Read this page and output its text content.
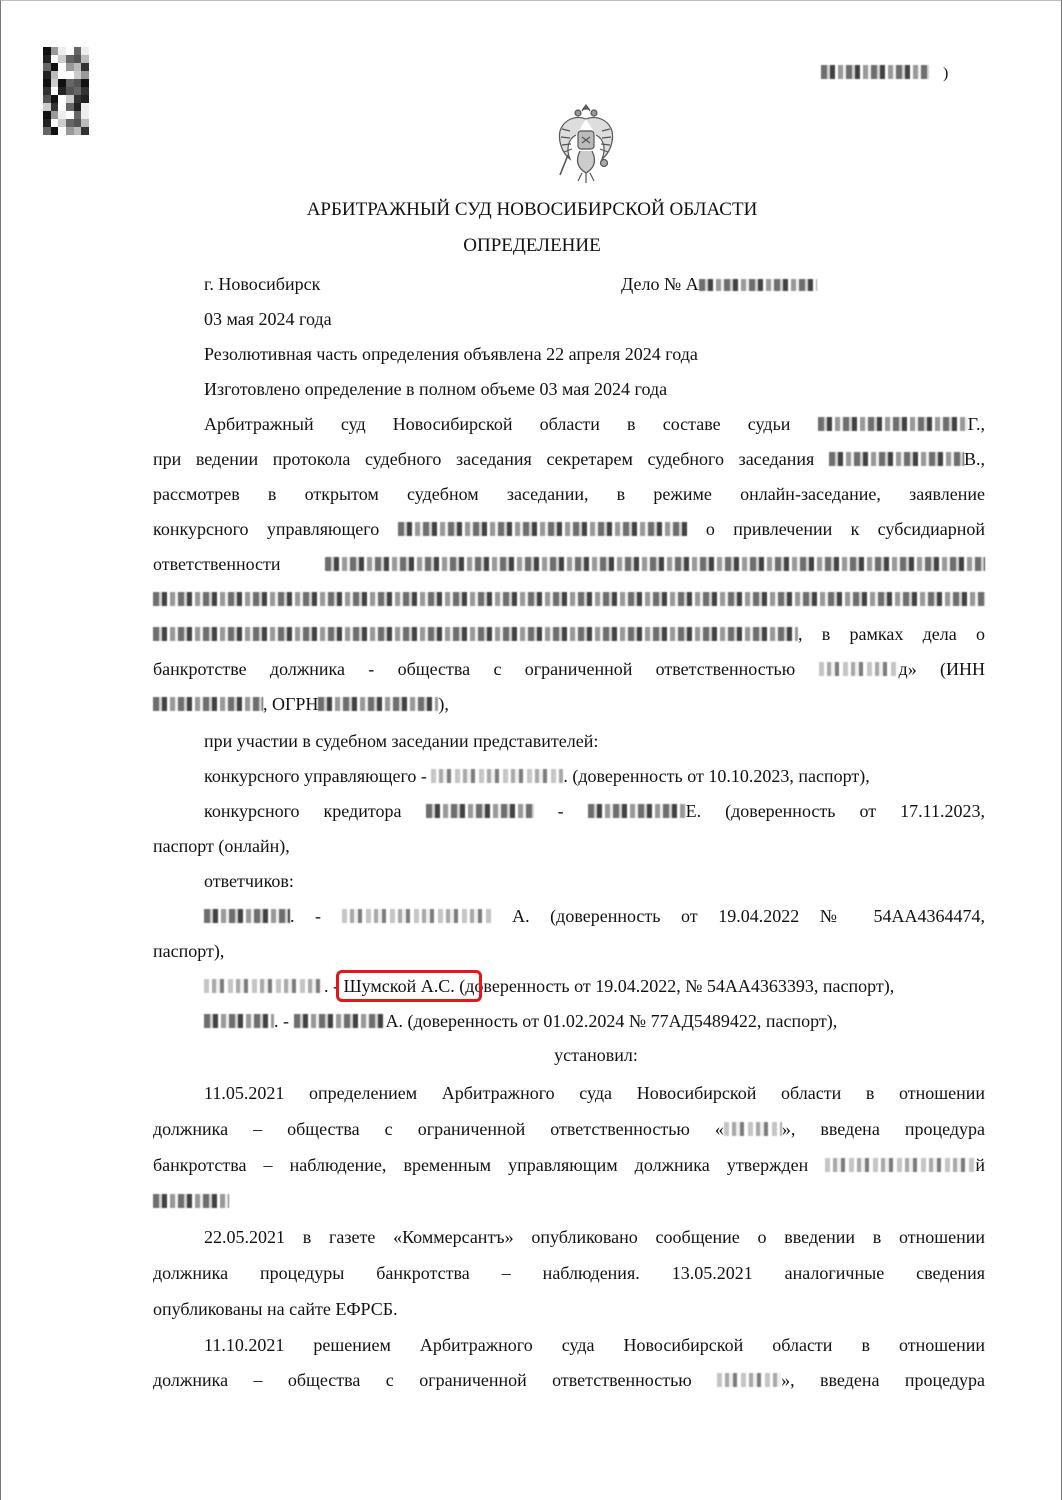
)
АРБИТРАЖНЫЙ СУД НОВОСИБИРСКОЙ ОБЛАСТИ
ОПРЕДЕЛЕНИЕ
г. Новосибирск	Дело № А
03 мая 2024 года
Резолютивная часть определения объявлена 22 апреля 2024 года
Изготовлено определение в полном объеме 03 мая 2024 года
Арбитражный суд Новосибирской области в составе судьи	Г.,
при ведении протокола судебного заседания секретарем судебного заседания	В.,
рассмотрев в открытом судебном заседании, в режиме онлайн-заседание, заявление
конкурсного управляющего	о привлечении к субсидиарной
ответственности
, в рамках дела о
банкротстве должника - общества с ограниченной ответственностью	д» (ИНН
, ОГРН	),
при участии в судебном заседании представителей:
конкурсного управляющего -	. (доверенность от 10.10.2023, паспорт),
конкурсного кредитора	-	Е. (доверенность от 17.11.2023,
паспорт (онлайн),
ответчиков:
. -	А. (доверенность от 19.04.2022 № 54АА4364474,
паспорт),
. - Шумской А.С. (доверенность от 19.04.2022, № 54АА4363393, паспорт),
. -	А. (доверенность от 01.02.2024 № 77АД5489422, паспорт),
установил:
11.05.2021 определением Арбитражного суда Новосибирской области в отношении
должника – общества с ограниченной ответственностью «	», введена процедура
банкротства – наблюдение, временным управляющим должника утвержден	й
22.05.2021 в газете «Коммерсантъ» опубликовано сообщение о введении в отношении
должника процедуры банкротства – наблюдения. 13.05.2021 аналогичные сведения
опубликованы на сайте ЕФРСБ.
11.10.2021 решением Арбитражного суда Новосибирской области в отношении
должника – общества с ограниченной ответственностью	», введена процедура
